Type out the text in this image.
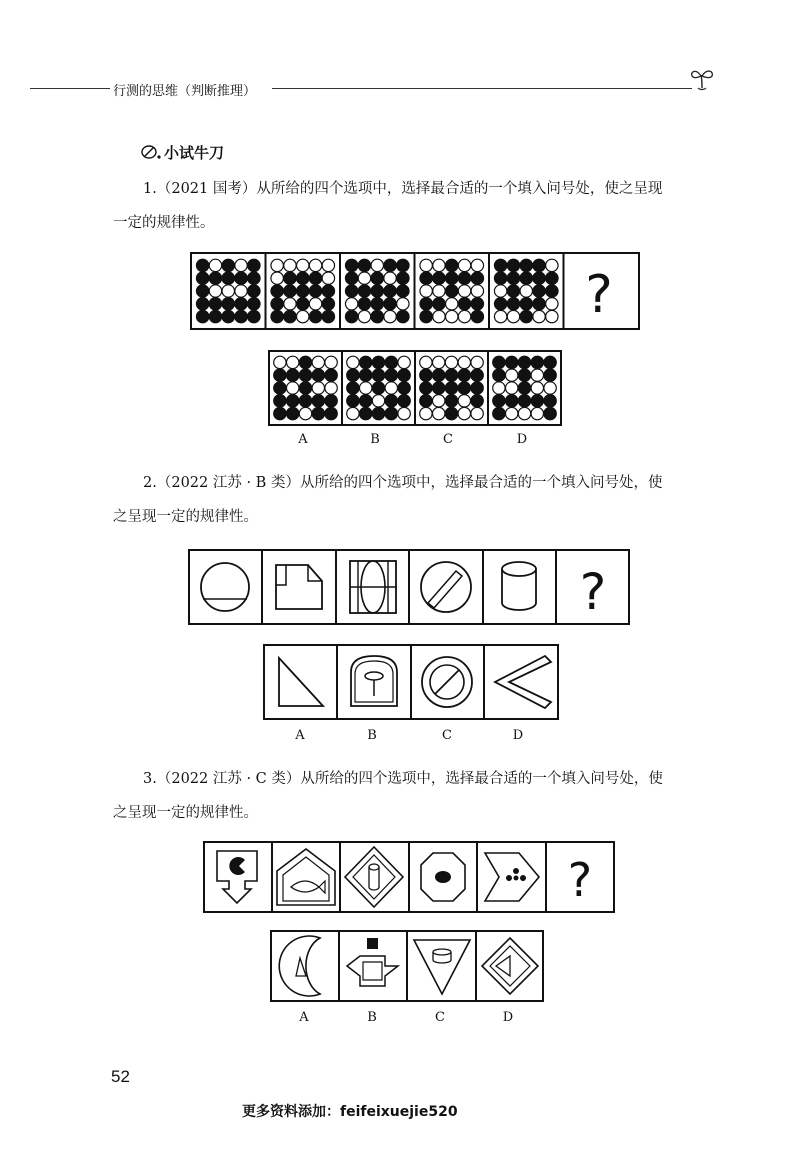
行测的思维（判断推理）
小试牛刀
1.（2021 国考）从所给的四个选项中，选择最合适的一个填入问号处，使之呈现
一定的规律性。
?
A	B	C	D
2.（2022 江苏 · B 类）从所给的四个选项中，选择最合适的一个填入问号处，使
之呈现一定的规律性。
?
A	B	C	D
3.（2022 江苏 · C 类）从所给的四个选项中，选择最合适的一个填入问号处，使
之呈现一定的规律性。
?
A	B	C	D
52
更多资料添加：feifeixuejie520
